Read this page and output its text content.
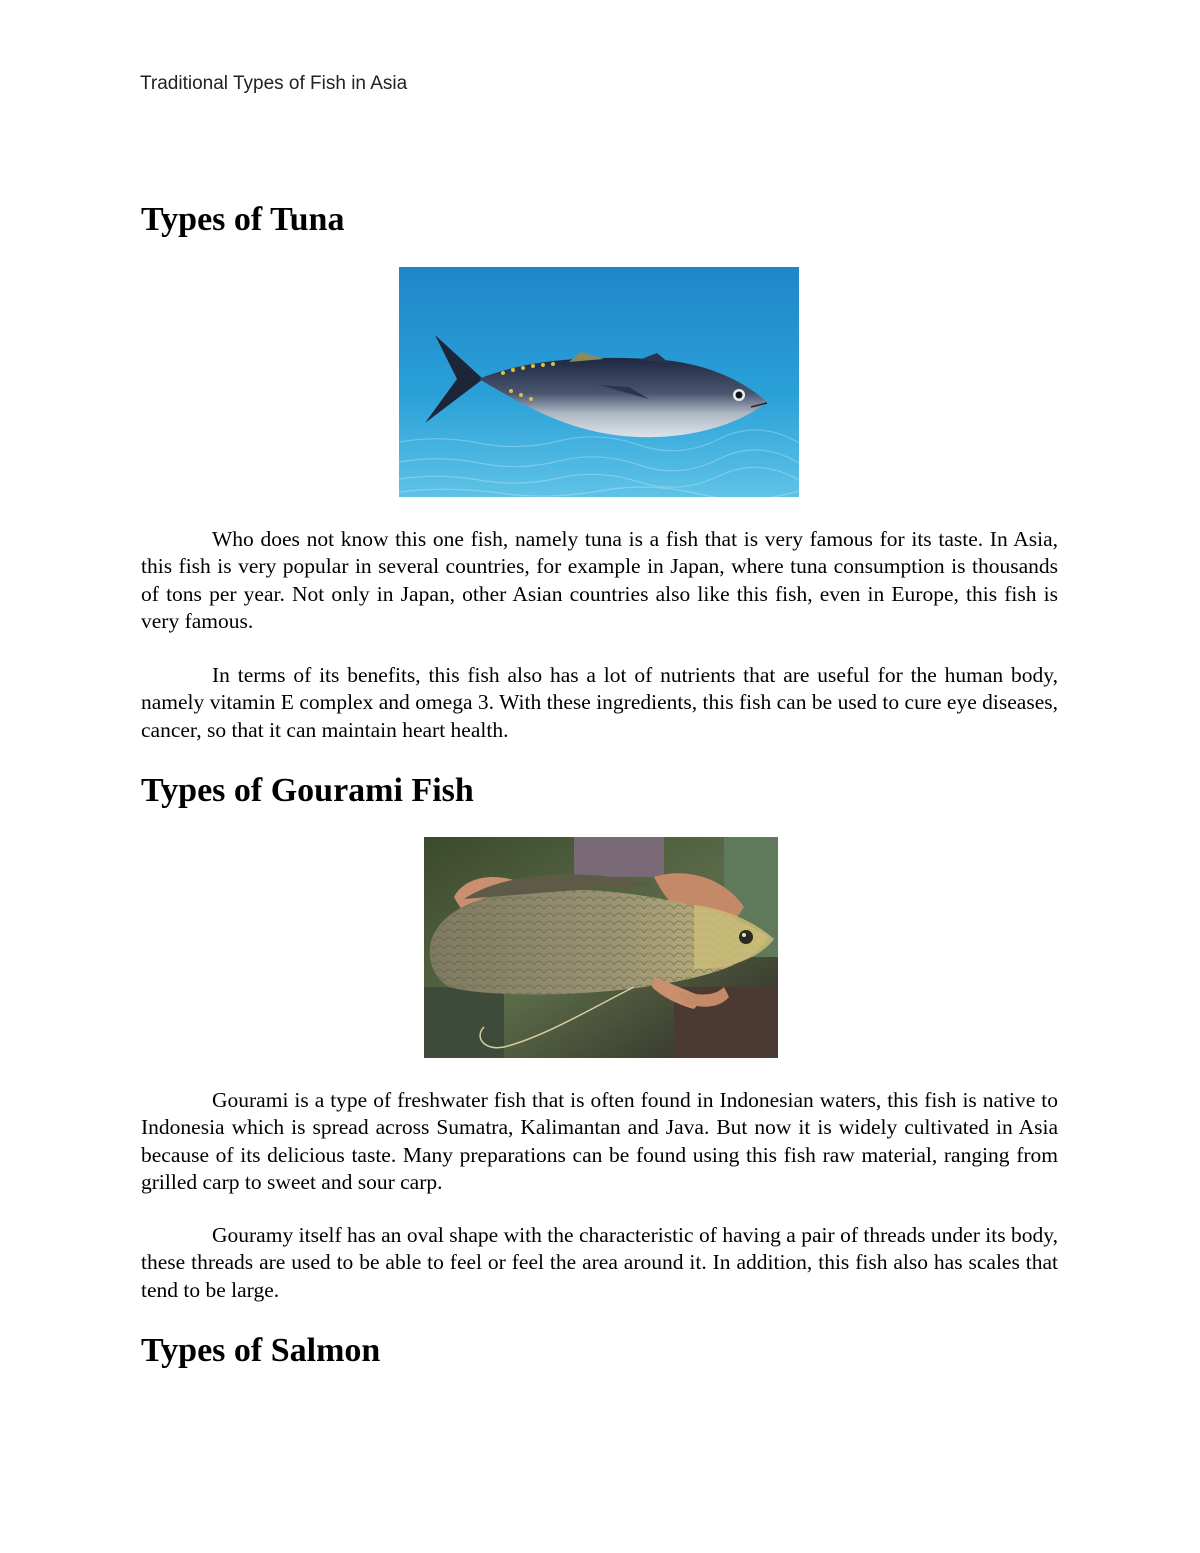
Traditional Types of Fish in Asia
Types of Tuna

Who does not know this one fish, namely tuna is a fish that is very famous for its taste. In Asia, this fish is very popular in several countries, for example in Japan, where tuna consumption is thousands of tons per year. Not only in Japan, other Asian countries also like this fish, even in Europe, this fish is very famous.

In terms of its benefits, this fish also has a lot of nutrients that are useful for the human body, namely vitamin E complex and omega 3. With these ingredients, this fish can be used to cure eye diseases, cancer, so that it can maintain heart health.

Types of Gourami Fish

Gourami is a type of freshwater fish that is often found in Indonesian waters, this fish is native to Indonesia which is spread across Sumatra, Kalimantan and Java. But now it is widely cultivated in Asia because of its delicious taste. Many preparations can be found using this fish raw material, ranging from grilled carp to sweet and sour carp.

Gouramy itself has an oval shape with the characteristic of having a pair of threads under its body, these threads are used to be able to feel or feel the area around it. In addition, this fish also has scales that tend to be large.

Types of Salmon
